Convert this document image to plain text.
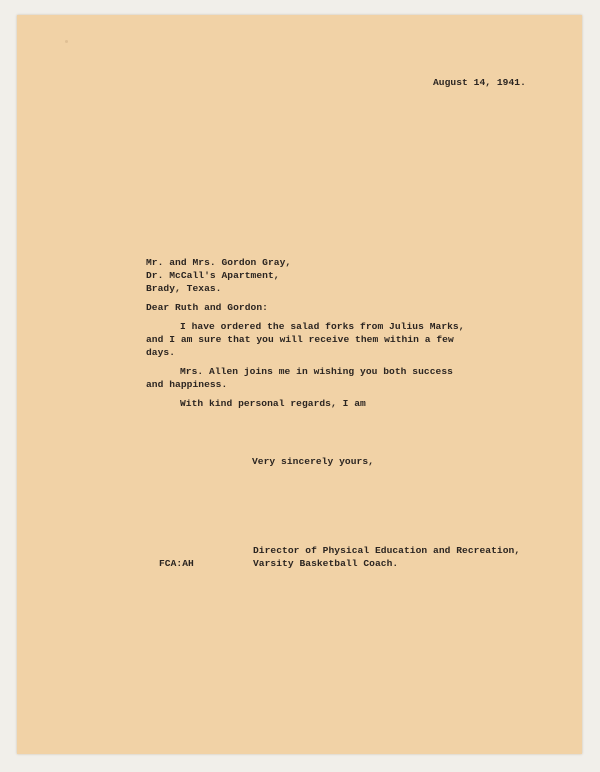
August 14, 1941.
Mr. and Mrs. Gordon Gray,
Dr. McCall's Apartment,
Brady, Texas.
Dear Ruth and Gordon:
I have ordered the salad forks from Julius Marks,
and I am sure that you will receive them within a few
days.
Mrs. Allen joins me in wishing you both success
and happiness.
With kind personal regards, I am
Very sincerely yours,
Director of Physical Education and Recreation,
FCA:AH	Varsity Basketball Coach.
